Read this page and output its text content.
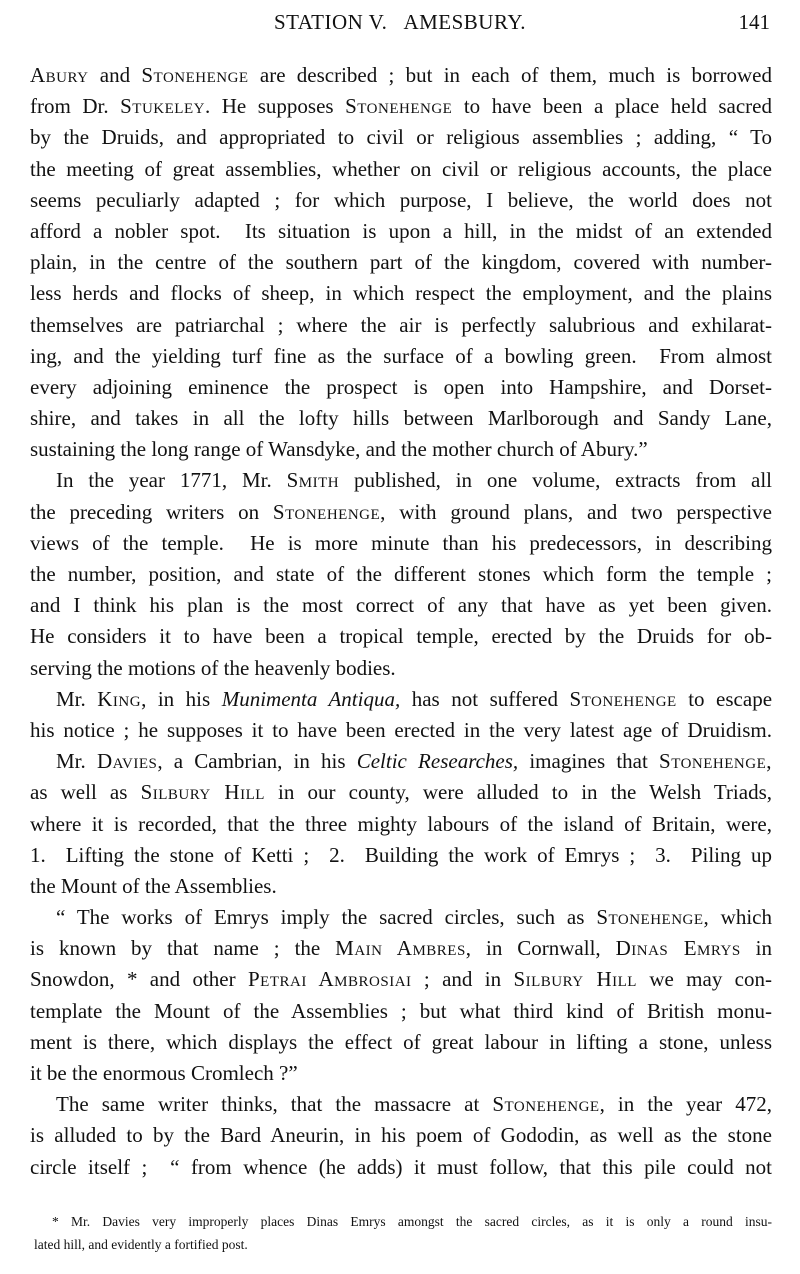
STATION V.   AMESBURY.	141
Abury and Stonehenge are described ; but in each of them, much is borrowed
from Dr. Stukeley. He supposes Stonehenge to have been a place held sacred
by the Druids, and appropriated to civil or religious assemblies ; adding, “ To
the meeting of great assemblies, whether on civil or religious accounts, the place
seems peculiarly adapted ; for which purpose, I believe, the world does not
afford a nobler spot.  Its situation is upon a hill, in the midst of an extended
plain, in the centre of the southern part of the kingdom, covered with number-
less herds and flocks of sheep, in which respect the employment, and the plains
themselves are patriarchal ; where the air is perfectly salubrious and exhilarat-
ing, and the yielding turf fine as the surface of a bowling green.  From almost
every adjoining eminence the prospect is open into Hampshire, and Dorset-
shire, and takes in all the lofty hills between Marlborough and Sandy Lane,
sustaining the long range of Wansdyke, and the mother church of Abury.”
In the year 1771, Mr. Smith published, in one volume, extracts from all
the preceding writers on Stonehenge, with ground plans, and two perspective
views of the temple.  He is more minute than his predecessors, in describing
the number, position, and state of the different stones which form the temple ;
and I think his plan is the most correct of any that have as yet been given.
He considers it to have been a tropical temple, erected by the Druids for ob-
serving the motions of the heavenly bodies.
Mr. King, in his Munimenta Antiqua, has not suffered Stonehenge to escape
his notice ; he supposes it to have been erected in the very latest age of Druidism.
Mr. Davies, a Cambrian, in his Celtic Researches, imagines that Stonehenge,
as well as Silbury Hill in our county, were alluded to in the Welsh Triads,
where it is recorded, that the three mighty labours of the island of Britain, were,
1.  Lifting the stone of Ketti ;  2.  Building the work of Emrys ;  3.  Piling up
the Mount of the Assemblies.
“ The works of Emrys imply the sacred circles, such as Stonehenge, which
is known by that name ; the Main Ambres, in Cornwall, Dinas Emrys in
Snowdon, * and other Petrai Ambrosiai ; and in Silbury Hill we may con-
template the Mount of the Assemblies ; but what third kind of British monu-
ment is there, which displays the effect of great labour in lifting a stone, unless
it be the enormous Cromlech ?”
The same writer thinks, that the massacre at Stonehenge, in the year 472,
is alluded to by the Bard Aneurin, in his poem of Gododin, as well as the stone
circle itself ;  “ from whence (he adds) it must follow, that this pile could not
* Mr. Davies very improperly places Dinas Emrys amongst the sacred circles, as it is only a round insu-
lated hill, and evidently a fortified post.
